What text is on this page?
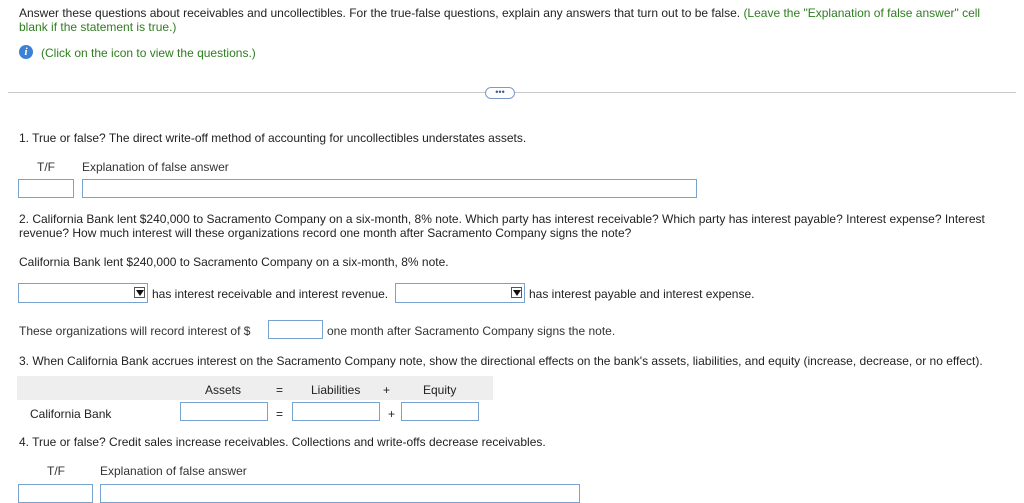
Answer these questions about receivables and uncollectibles. For the true-false questions, explain any answers that turn out to be false. (Leave the "Explanation of false answer" cell blank if the statement is true.)
i	(Click on the icon to view the questions.)
•••
1. True or false? The direct write-off method of accounting for uncollectibles understates assets.
T/F Explanation of false answer
2. California Bank lent $240,000 to Sacramento Company on a six-month, 8% note. Which party has interest receivable? Which party has interest payable? Interest expense? Interest revenue? How much interest will these organizations record one month after Sacramento Company signs the note?
California Bank lent $240,000 to Sacramento Company on a six-month, 8% note.
has interest receivable and interest revenue.	has interest payable and interest expense.
These organizations will record interest of $	one month after Sacramento Company signs the note.
3. When California Bank accrues interest on the Sacramento Company note, show the directional effects on the bank's assets, liabilities, and equity (increase, decrease, or no effect).
Assets	= Liabilities +	Equity
California Bank	=	+
4. True or false? Credit sales increase receivables. Collections and write-offs decrease receivables.
T/F	Explanation of false answer
